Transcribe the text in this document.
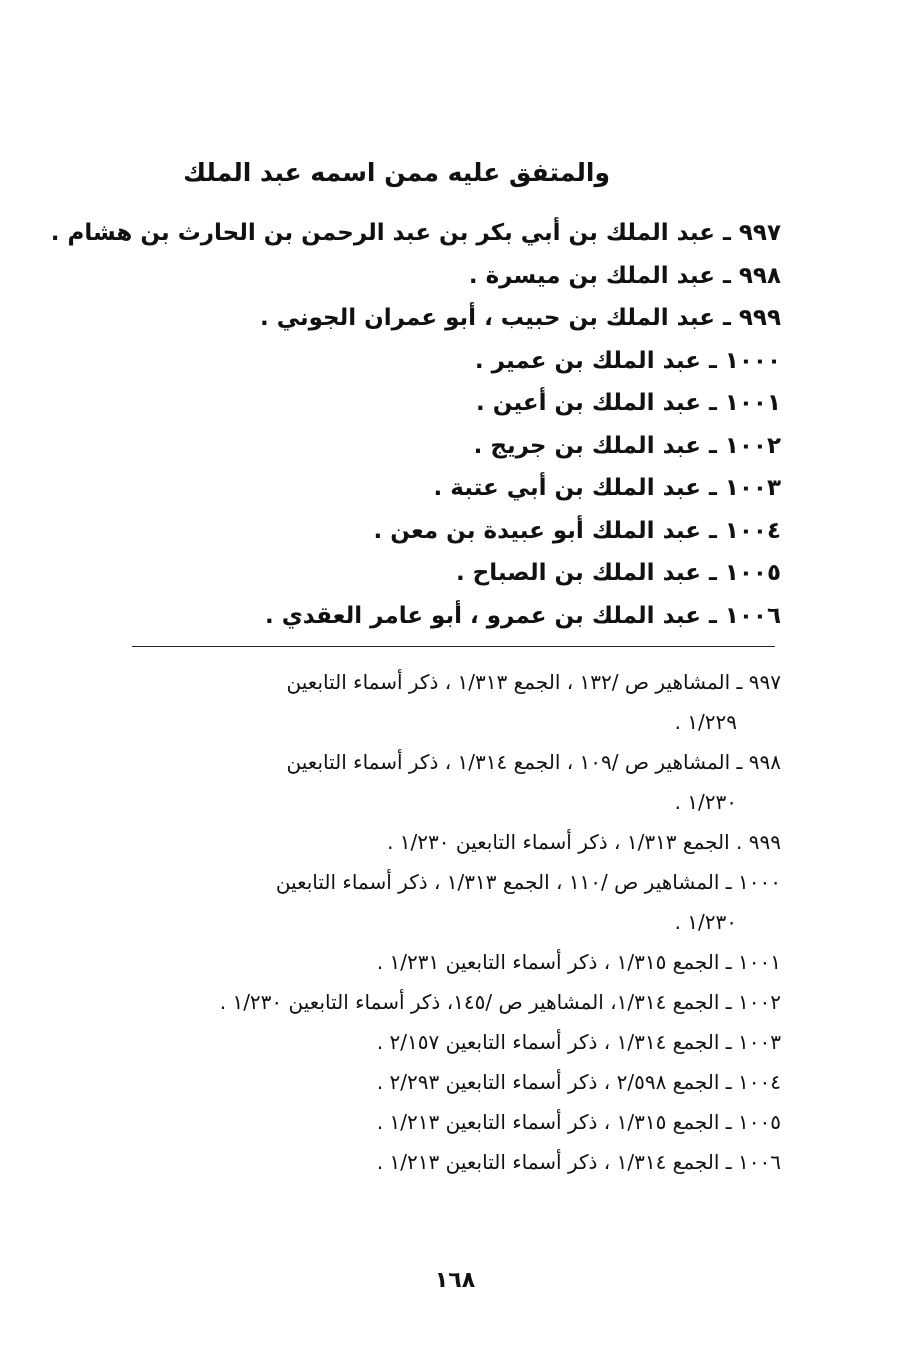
والمتفق عليه ممن اسمه عبد الملك
٩٩٧ ـ عبد الملك بن أبي بكر بن عبد الرحمن بن الحارث بن هشام .
٩٩٨ ـ عبد الملك بن ميسرة .
٩٩٩ ـ عبد الملك بن حبيب ، أبو عمران الجوني .
١٠٠٠ ـ عبد الملك بن عمير .
١٠٠١ ـ عبد الملك بن أعين .
١٠٠٢ ـ عبد الملك بن جريج .
١٠٠٣ ـ عبد الملك بن أبي عتبة .
١٠٠٤ ـ عبد الملك أبو عبيدة بن معن .
١٠٠٥ ـ عبد الملك بن الصباح .
١٠٠٦ ـ عبد الملك بن عمرو ، أبو عامر العقدي .
٩٩٧ ـ المشاهير ص /١٣٢ ، الجمع ١/٣١٣ ، ذكر أسماء التابعين
١/٢٢٩ .
٩٩٨ ـ المشاهير ص /١٠٩ ، الجمع ١/٣١٤ ، ذكر أسماء التابعين
١/٢٣٠ .
٩٩٩ . الجمع ١/٣١٣ ، ذكر أسماء التابعين ١/٢٣٠ .
١٠٠٠ ـ المشاهير ص /١١٠ ، الجمع ١/٣١٣ ، ذكر أسماء التابعين
١/٢٣٠ .
١٠٠١ ـ الجمع ١/٣١٥ ، ذكر أسماء التابعين ١/٢٣١ .
١٠٠٢ ـ الجمع ١/٣١٤، المشاهير ص /١٤٥، ذكر أسماء التابعين ١/٢٣٠ .
١٠٠٣ ـ الجمع ١/٣١٤ ، ذكر أسماء التابعين ٢/١٥٧ .
١٠٠٤ ـ الجمع ٢/٥٩٨ ، ذكر أسماء التابعين ٢/٢٩٣ .
١٠٠٥ ـ الجمع ١/٣١٥ ، ذكر أسماء التابعين ١/٢١٣ .
١٠٠٦ ـ الجمع ١/٣١٤ ، ذكر أسماء التابعين ١/٢١٣ .
١٦٨
